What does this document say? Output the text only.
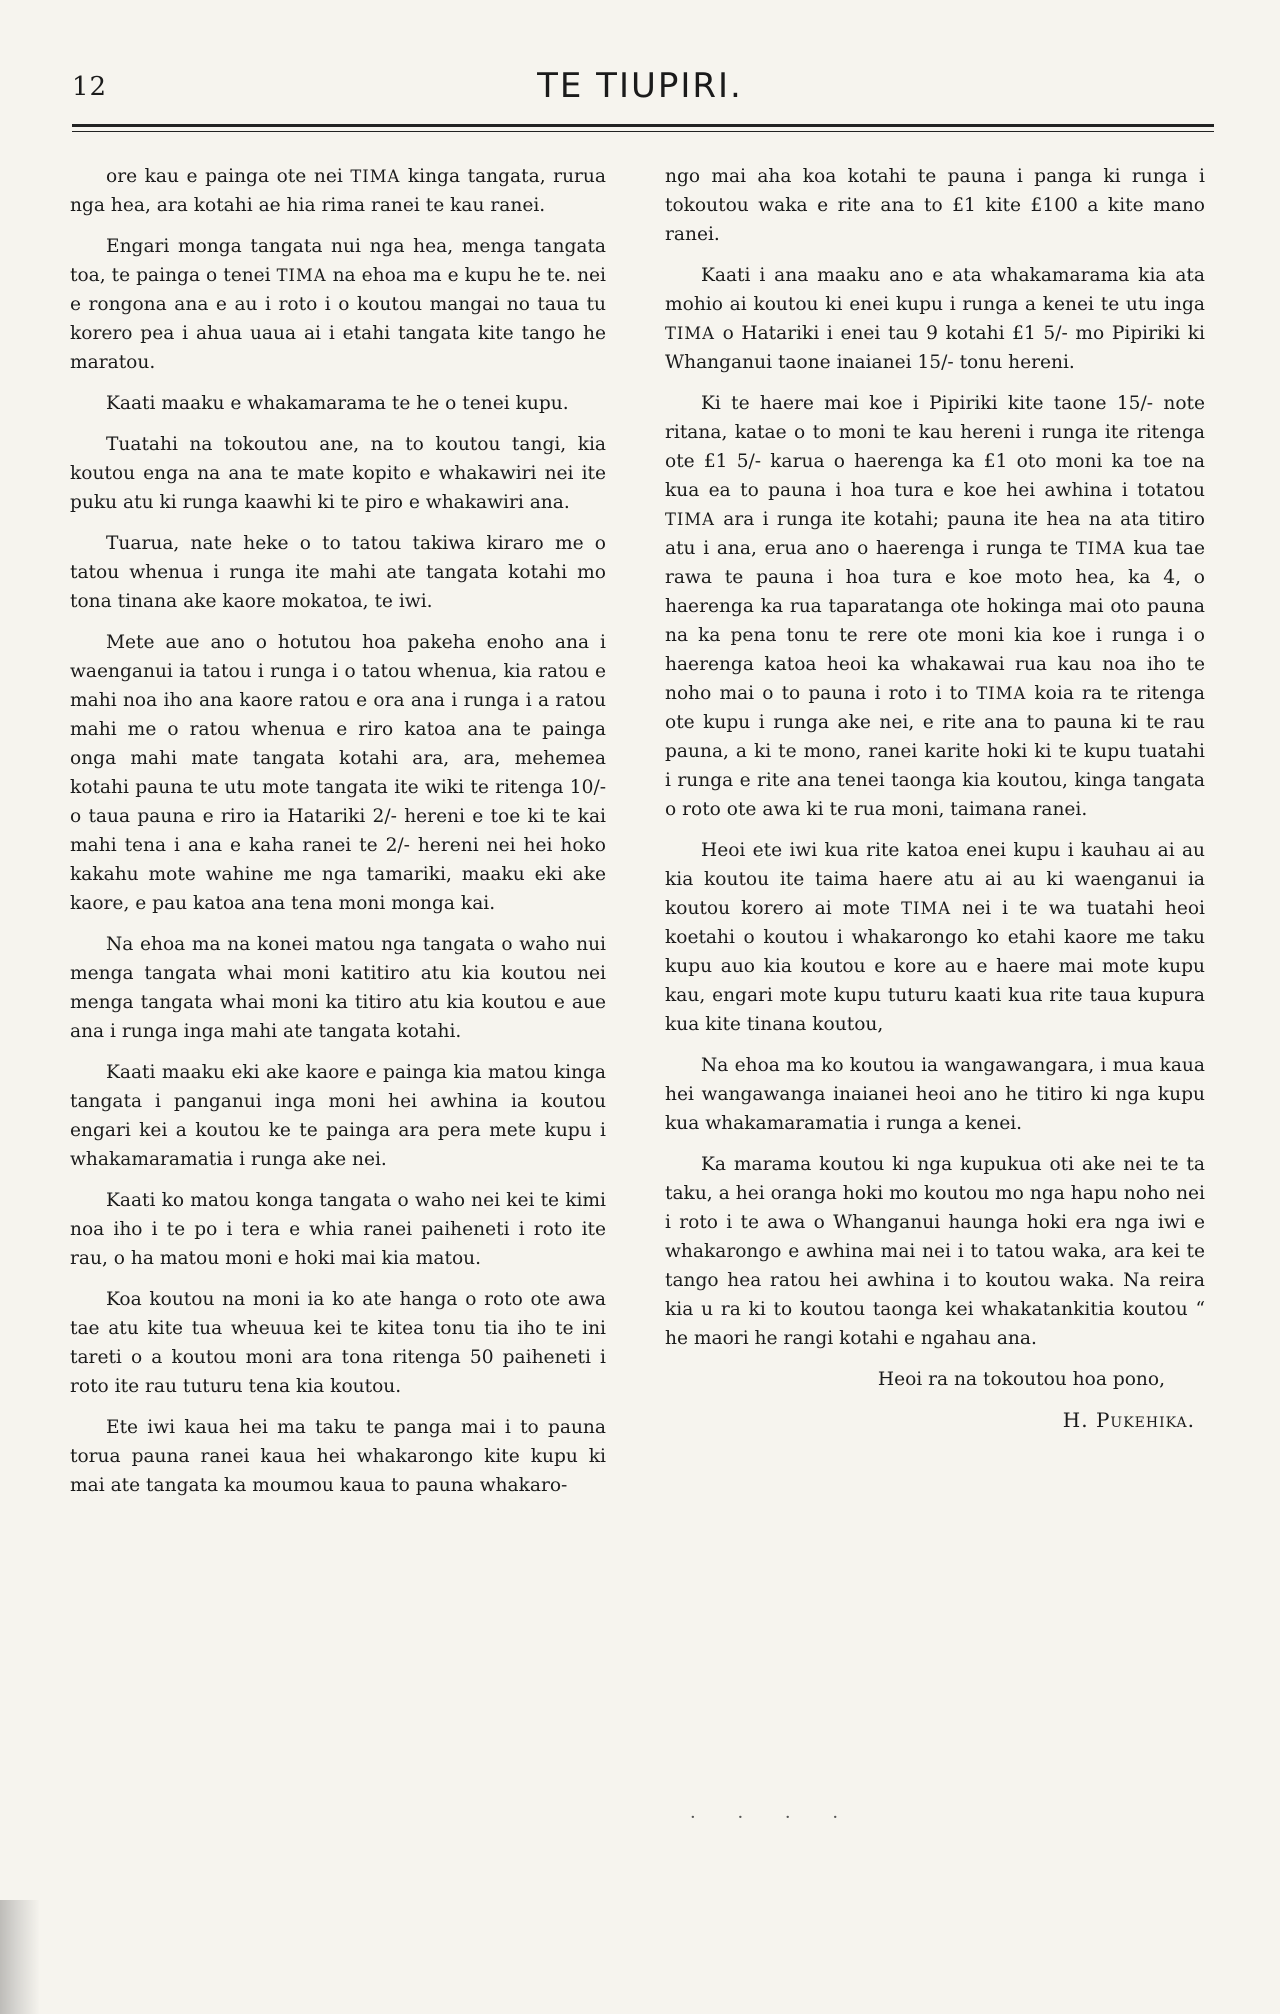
12	TE TIUPIRI.

ore kau e painga ote nei TIMA kinga tangata, rurua nga hea, ara kotahi ae hia rima ranei te kau ranei.

Engari monga tangata nui nga hea, menga tangata toa, te painga o tenei TIMA na ehoa ma e kupu he te. nei e rongona ana e au i roto i o koutou mangai no taua tu korero pea i ahua uaua ai i etahi tangata kite tango he maratou.

Kaati maaku e whakamarama te he o tenei kupu.

Tuatahi na tokoutou ane, na to koutou tangi, kia koutou enga na ana te mate kopito e whakawiri nei ite puku atu ki runga kaawhi ki te piro e whakawiri ana.

Tuarua, nate heke o to tatou takiwa kiraro me o tatou whenua i runga ite mahi ate tangata kotahi mo tona tinana ake kaore mokatoa, te iwi.

Mete aue ano o hotutou hoa pakeha enoho ana i waenganui ia tatou i runga i o tatou whenua, kia ratou e mahi noa iho ana kaore ratou e ora ana i runga i a ratou mahi me o ratou whenua e riro katoa ana te painga onga mahi mate tangata kotahi ara, ara, mehemea kotahi pauna te utu mote tangata ite wiki te ritenga 10/- o taua pauna e riro ia Hatariki 2/- hereni e toe ki te kai mahi tena i ana e kaha ranei te 2/- hereni nei hei hoko kakahu mote wahine me nga tamariki, maaku eki ake kaore, e pau katoa ana tena moni monga kai.

Na ehoa ma na konei matou nga tangata o waho nui menga tangata whai moni katitiro atu kia koutou nei menga tangata whai moni ka titiro atu kia koutou e aue ana i runga inga mahi ate tangata kotahi.

Kaati maaku eki ake kaore e painga kia matou kinga tangata i panganui inga moni hei awhina ia koutou engari kei a koutou ke te painga ara pera mete kupu i whakamaramatia i runga ake nei.

Kaati ko matou konga tangata o waho nei kei te kimi noa iho i te po i tera e whia ranei paiheneti i roto ite rau, o ha matou moni e hoki mai kia matou.

Koa koutou na moni ia ko ate hanga o roto ote awa tae atu kite tua wheuua kei te kitea tonu tia iho te ini tareti o a koutou moni ara tona ritenga 50 paiheneti i roto ite rau tuturu tena kia koutou.

Ete iwi kaua hei ma taku te panga mai i to pauna torua pauna ranei kaua hei whakarongo kite kupu ki mai ate tangata ka moumou kaua to pauna whakaro-

ngo mai aha koa kotahi te pauna i panga ki runga i tokoutou waka e rite ana to £1 kite £100 a kite mano ranei.

Kaati i ana maaku ano e ata whakamarama kia ata mohio ai koutou ki enei kupu i runga a kenei te utu inga TIMA o Hatariki i enei tau 9 kotahi £1 5/- mo Pipiriki ki Whanganui taone inaianei 15/- tonu hereni.

Ki te haere mai koe i Pipiriki kite taone 15/- note ritana, katae o to moni te kau hereni i runga ite ritenga ote £1 5/- karua o haerenga ka £1 oto moni ka toe na kua ea to pauna i hoa tura e koe hei awhina i totatou TIMA ara i runga ite kotahi; pauna ite hea na ata titiro atu i ana, erua ano o haerenga i runga te TIMA kua tae rawa te pauna i hoa tura e koe moto hea, ka 4, o haerenga ka rua taparatanga ote hokinga mai oto pauna na ka pena tonu te rere ote moni kia koe i runga i o haerenga katoa heoi ka whakawai rua kau noa iho te noho mai o to pauna i roto i to TIMA koia ra te ritenga ote kupu i runga ake nei, e rite ana to pauna ki te rau pauna, a ki te mono, ranei karite hoki ki te kupu tuatahi i runga e rite ana tenei taonga kia koutou, kinga tangata o roto ote awa ki te rua moni, taimana ranei.

Heoi ete iwi kua rite katoa enei kupu i kauhau ai au kia koutou ite taima haere atu ai au ki waenganui ia koutou korero ai mote TIMA nei i te wa tuatahi heoi koetahi o koutou i whakarongo ko etahi kaore me taku kupu auo kia koutou e kore au e haere mai mote kupu kau, engari mote kupu tuturu kaati kua rite taua kupura kua kite tinana koutou,

Na ehoa ma ko koutou ia wangawangara, i mua kaua hei wangawanga inaianei heoi ano he titiro ki nga kupu kua whakamaramatia i runga a kenei.

Ka marama koutou ki nga kupukua oti ake nei te ta taku, a hei oranga hoki mo koutou mo nga hapu noho nei i roto i te awa o Whanganui haunga hoki era nga iwi e whakarongo e awhina mai nei i to tatou waka, ara kei te tango hea ratou hei awhina i to koutou waka. Na reira kia u ra ki to koutou taonga kei whakatankitia koutou “ he maori he rangi kotahi e ngahau ana.

Heoi ra na tokoutou hoa pono,

H. Pukehika.

· · · ·
